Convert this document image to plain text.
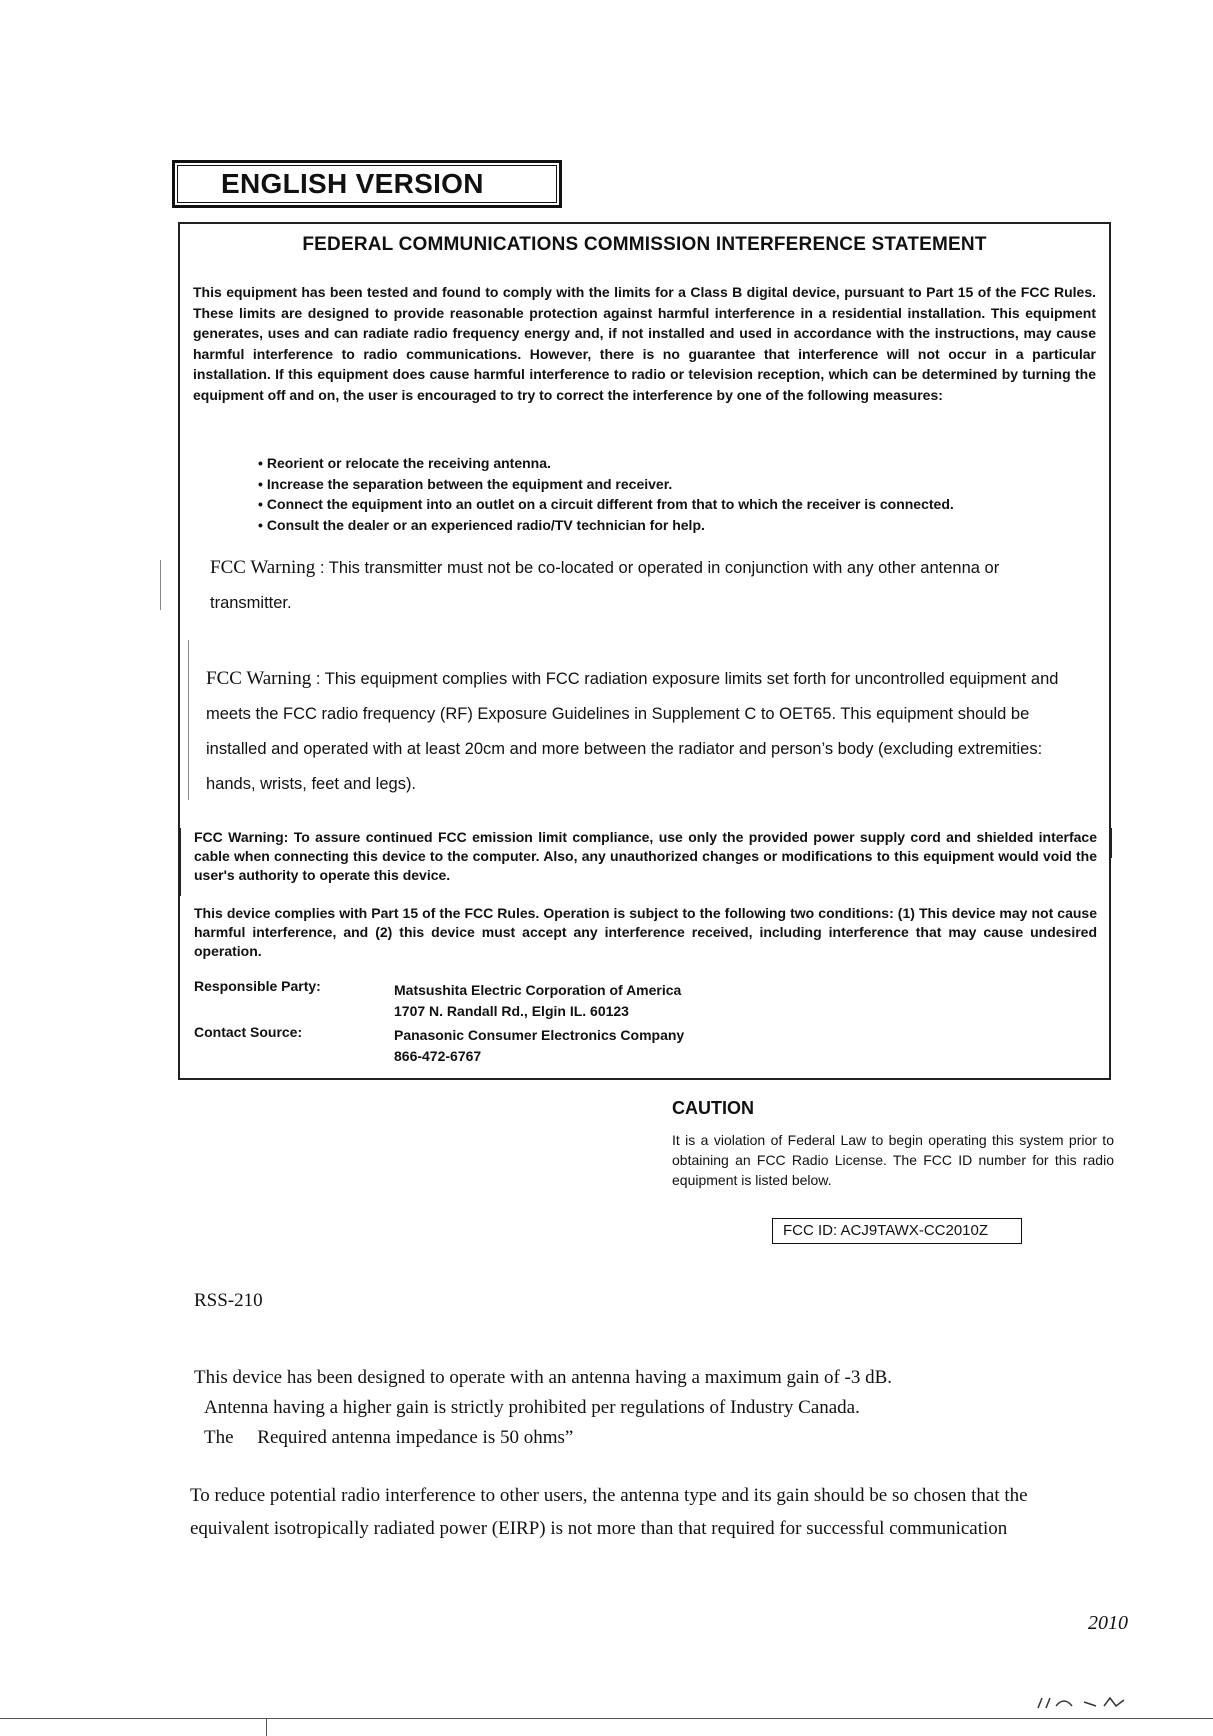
ENGLISH VERSION
FEDERAL COMMUNICATIONS COMMISSION INTERFERENCE STATEMENT
This equipment has been tested and found to comply with the limits for a Class B digital device, pursuant to Part 15 of the FCC Rules. These limits are designed to provide reasonable protection against harmful interference in a residential installation. This equipment generates, uses and can radiate radio frequency energy and, if not installed and used in accordance with the instructions, may cause harmful interference to radio communications. However, there is no guarantee that interference will not occur in a particular installation. If this equipment does cause harmful interference to radio or television reception, which can be determined by turning the equipment off and on, the user is encouraged to try to correct the interference by one of the following measures:
• Reorient or relocate the receiving antenna.
• Increase the separation between the equipment and receiver.
• Connect the equipment into an outlet on a circuit different from that to which the receiver is connected.
• Consult the dealer or an experienced radio/TV technician for help.
FCC Warning : This transmitter must not be co-located or operated in conjunction with any other antenna or transmitter.
FCC Warning : This equipment complies with FCC radiation exposure limits set forth for uncontrolled equipment and meets the FCC radio frequency (RF) Exposure Guidelines in Supplement C to OET65. This equipment should be installed and operated with at least 20cm and more between the radiator and person’s body (excluding extremities: hands, wrists, feet and legs).
FCC Warning: To assure continued FCC emission limit compliance, use only the provided power supply cord and shielded interface cable when connecting this device to the computer. Also, any unauthorized changes or modifications to this equipment would void the user's authority to operate this device.
This device complies with Part 15 of the FCC Rules. Operation is subject to the following two conditions: (1) This device may not cause harmful interference, and (2) this device must accept any interference received, including interference that may cause undesired operation.
Responsible Party:	Matsushita Electric Corporation of America
1707 N. Randall Rd., Elgin IL. 60123
Contact Source:	Panasonic Consumer Electronics Company
866-472-6767
CAUTION
It is a violation of Federal Law to begin operating this system prior to obtaining an FCC Radio License. The FCC ID number for this radio equipment is listed below.
FCC ID: ACJ9TAWX-CC2010Z
RSS-210
This device has been designed to operate with an antenna having a maximum gain of -3 dB.
Antenna having a higher gain is strictly prohibited per regulations of Industry Canada.
The     Required antenna impedance is 50 ohms”
To reduce potential radio interference to other users, the antenna type and its gain should be so chosen that the equivalent isotropically radiated power (EIRP) is not more than that required for successful communication
2010
